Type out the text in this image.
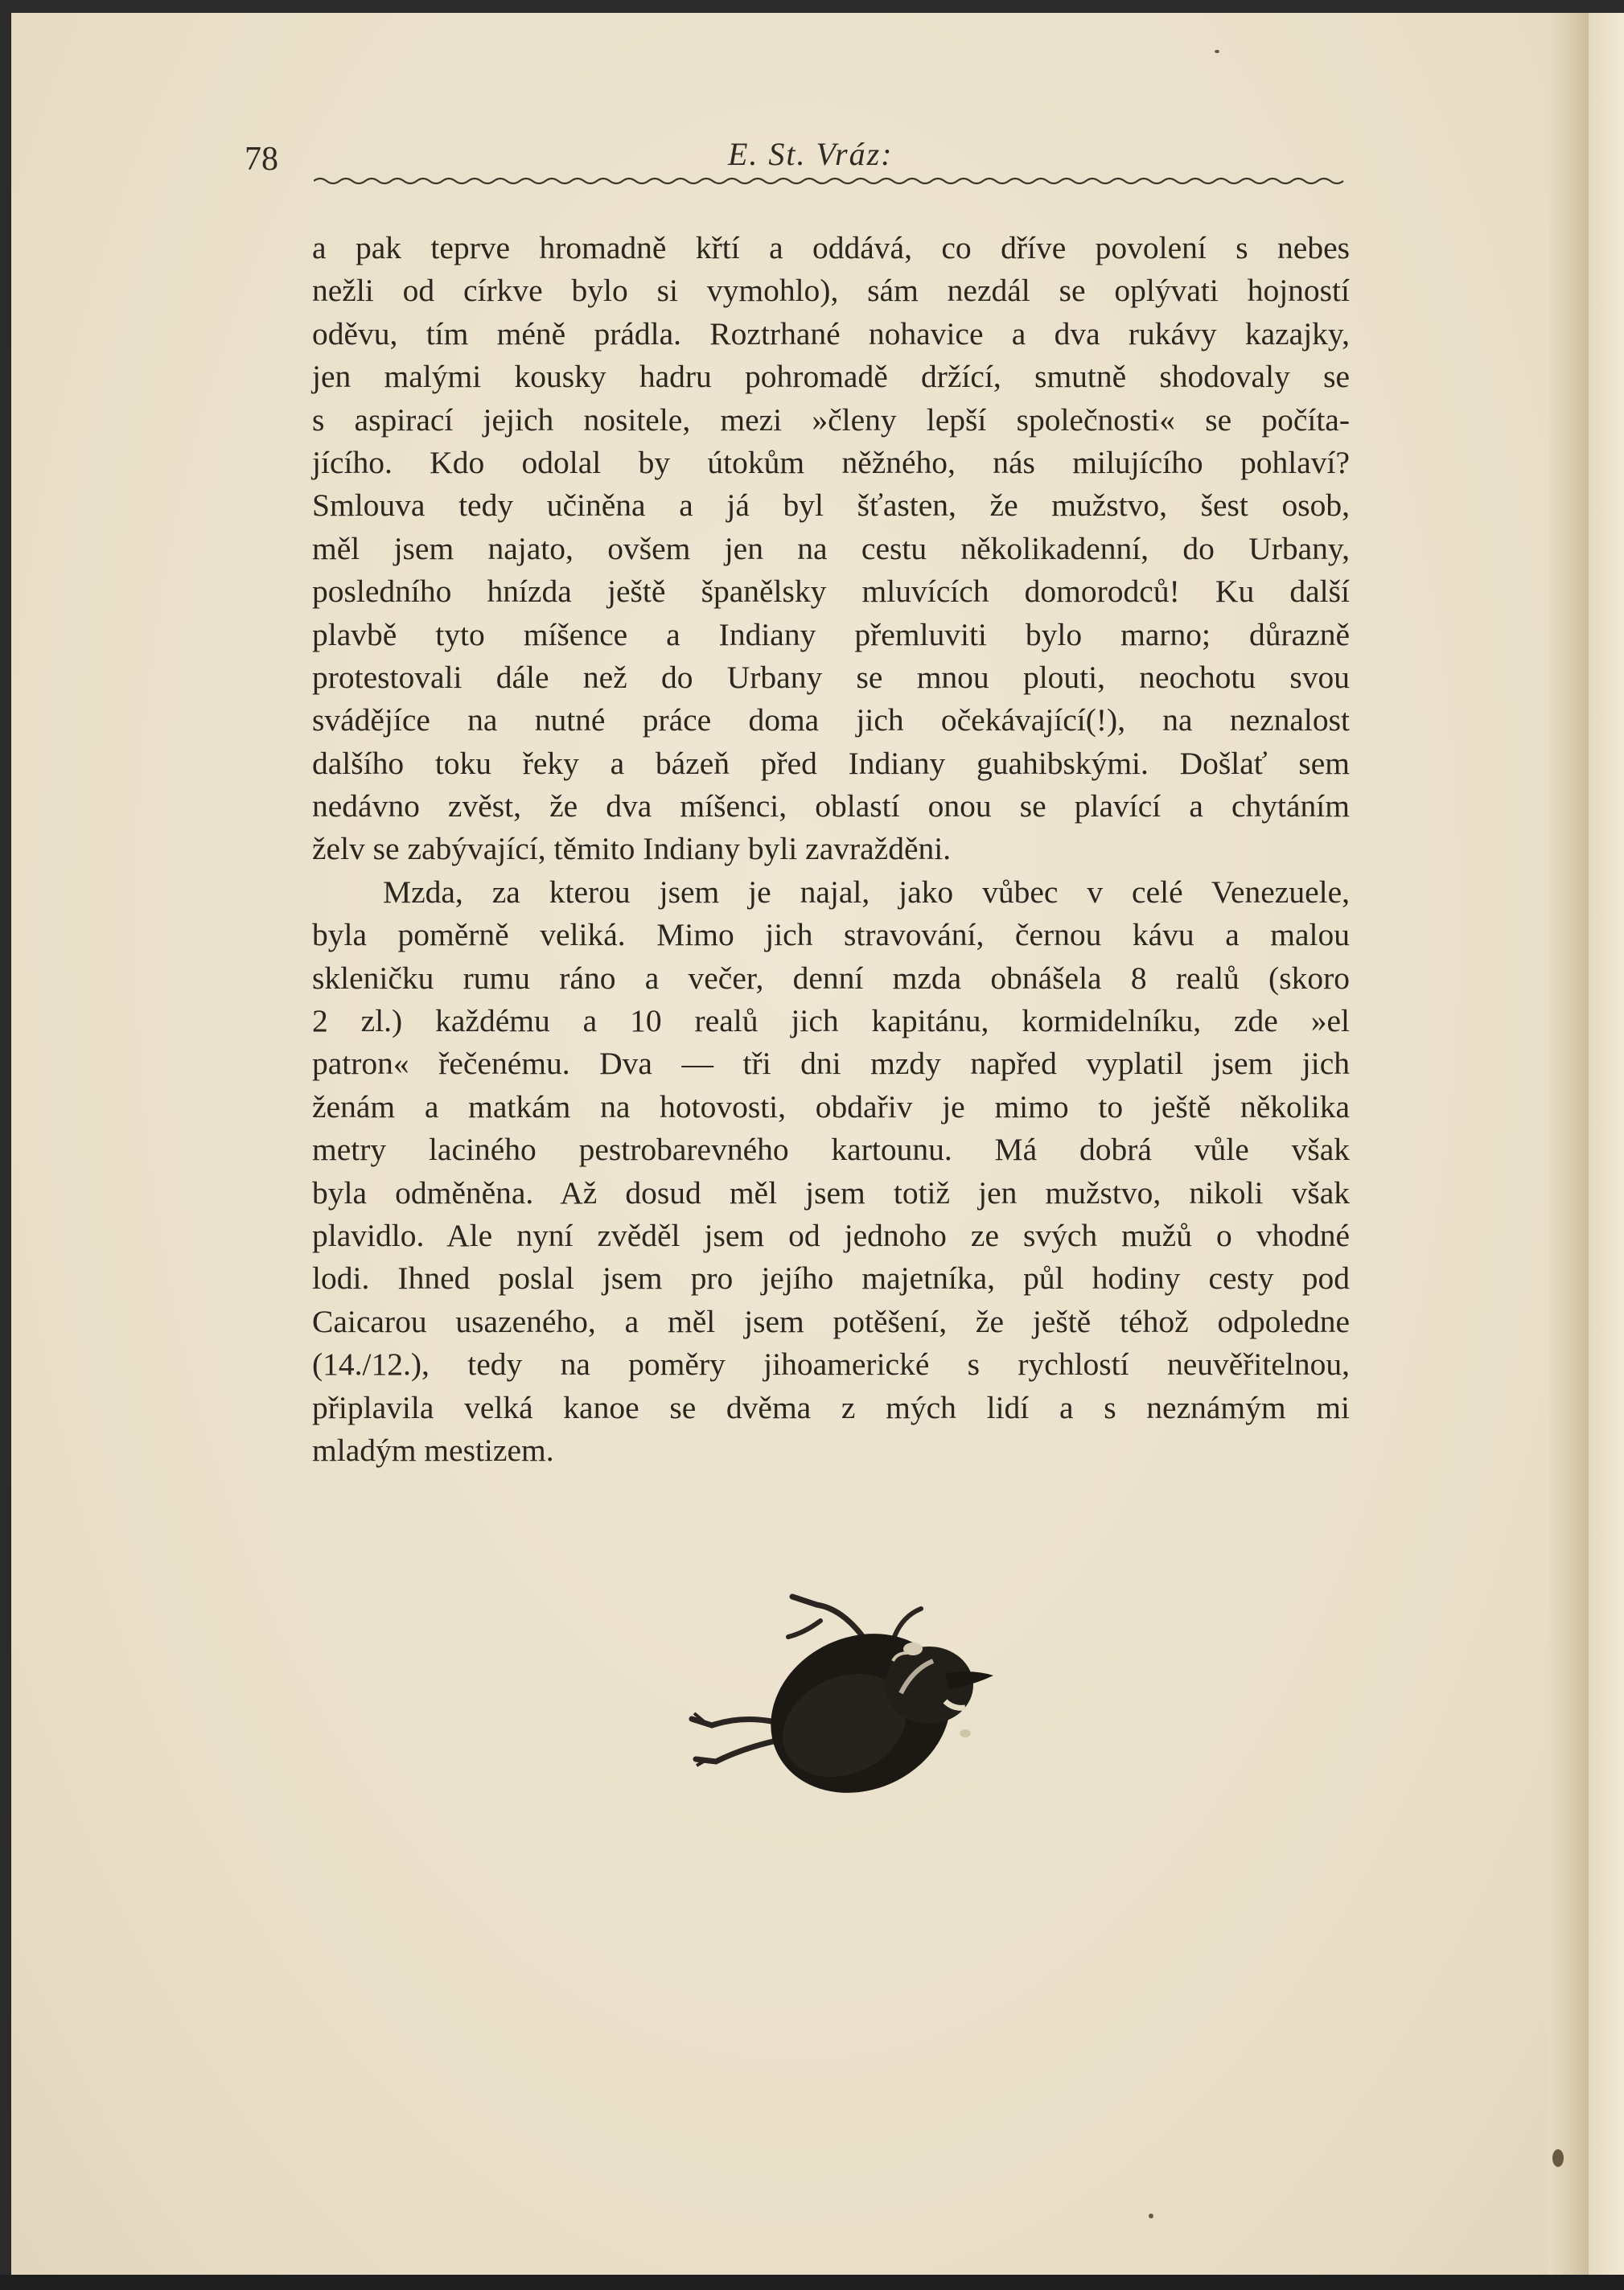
78	E. St. Vráz:
a pak teprve hromadně křtí a oddává, co dříve povolení s nebes
nežli od církve bylo si vymohlo), sám nezdál se oplývati hojností
oděvu, tím méně prádla. Roztrhané nohavice a dva rukávy kazajky,
jen malými kousky hadru pohromadě držící, smutně shodovaly se
s aspirací jejich nositele, mezi »členy lepší společnosti« se počíta-
jícího. Kdo odolal by útokům něžného, nás milujícího pohlaví?
Smlouva tedy učiněna a já byl šťasten, že mužstvo, šest osob,
měl jsem najato, ovšem jen na cestu několikadenní, do Urbany,
posledního hnízda ještě španělsky mluvících domorodců! Ku další
plavbě tyto míšence a Indiany přemluviti bylo marno; důrazně
protestovali dále než do Urbany se mnou plouti, neochotu svou
svádějíce na nutné práce doma jich očekávající(!), na neznalost
dalšího toku řeky a bázeň před Indiany guahibskými. Došlať sem
nedávno zvěst, že dva míšenci, oblastí onou se plavící a chytáním
želv se zabývající, těmito Indiany byli zavražděni.
Mzda, za kterou jsem je najal, jako vůbec v celé Venezuele,
byla poměrně veliká. Mimo jich stravování, černou kávu a malou
skleničku rumu ráno a večer, denní mzda obnášela 8 realů (skoro
2 zl.) každému a 10 realů jich kapitánu, kormidelníku, zde »el
patron« řečenému. Dva — tři dni mzdy napřed vyplatil jsem jich
ženám a matkám na hotovosti, obdařiv je mimo to ještě několika
metry laciného pestrobarevného kartounu. Má dobrá vůle však
byla odměněna. Až dosud měl jsem totiž jen mužstvo, nikoli však
plavidlo. Ale nyní zvěděl jsem od jednoho ze svých mužů o vhodné
lodi. Ihned poslal jsem pro jejího majetníka, půl hodiny cesty pod
Caicarou usazeného, a měl jsem potěšení, že ještě téhož odpoledne
(14./12.), tedy na poměry jihoamerické s rychlostí neuvěřitelnou,
připlavila velká kanoe se dvěma z mých lidí a s neznámým mi
mladým mestizem.
